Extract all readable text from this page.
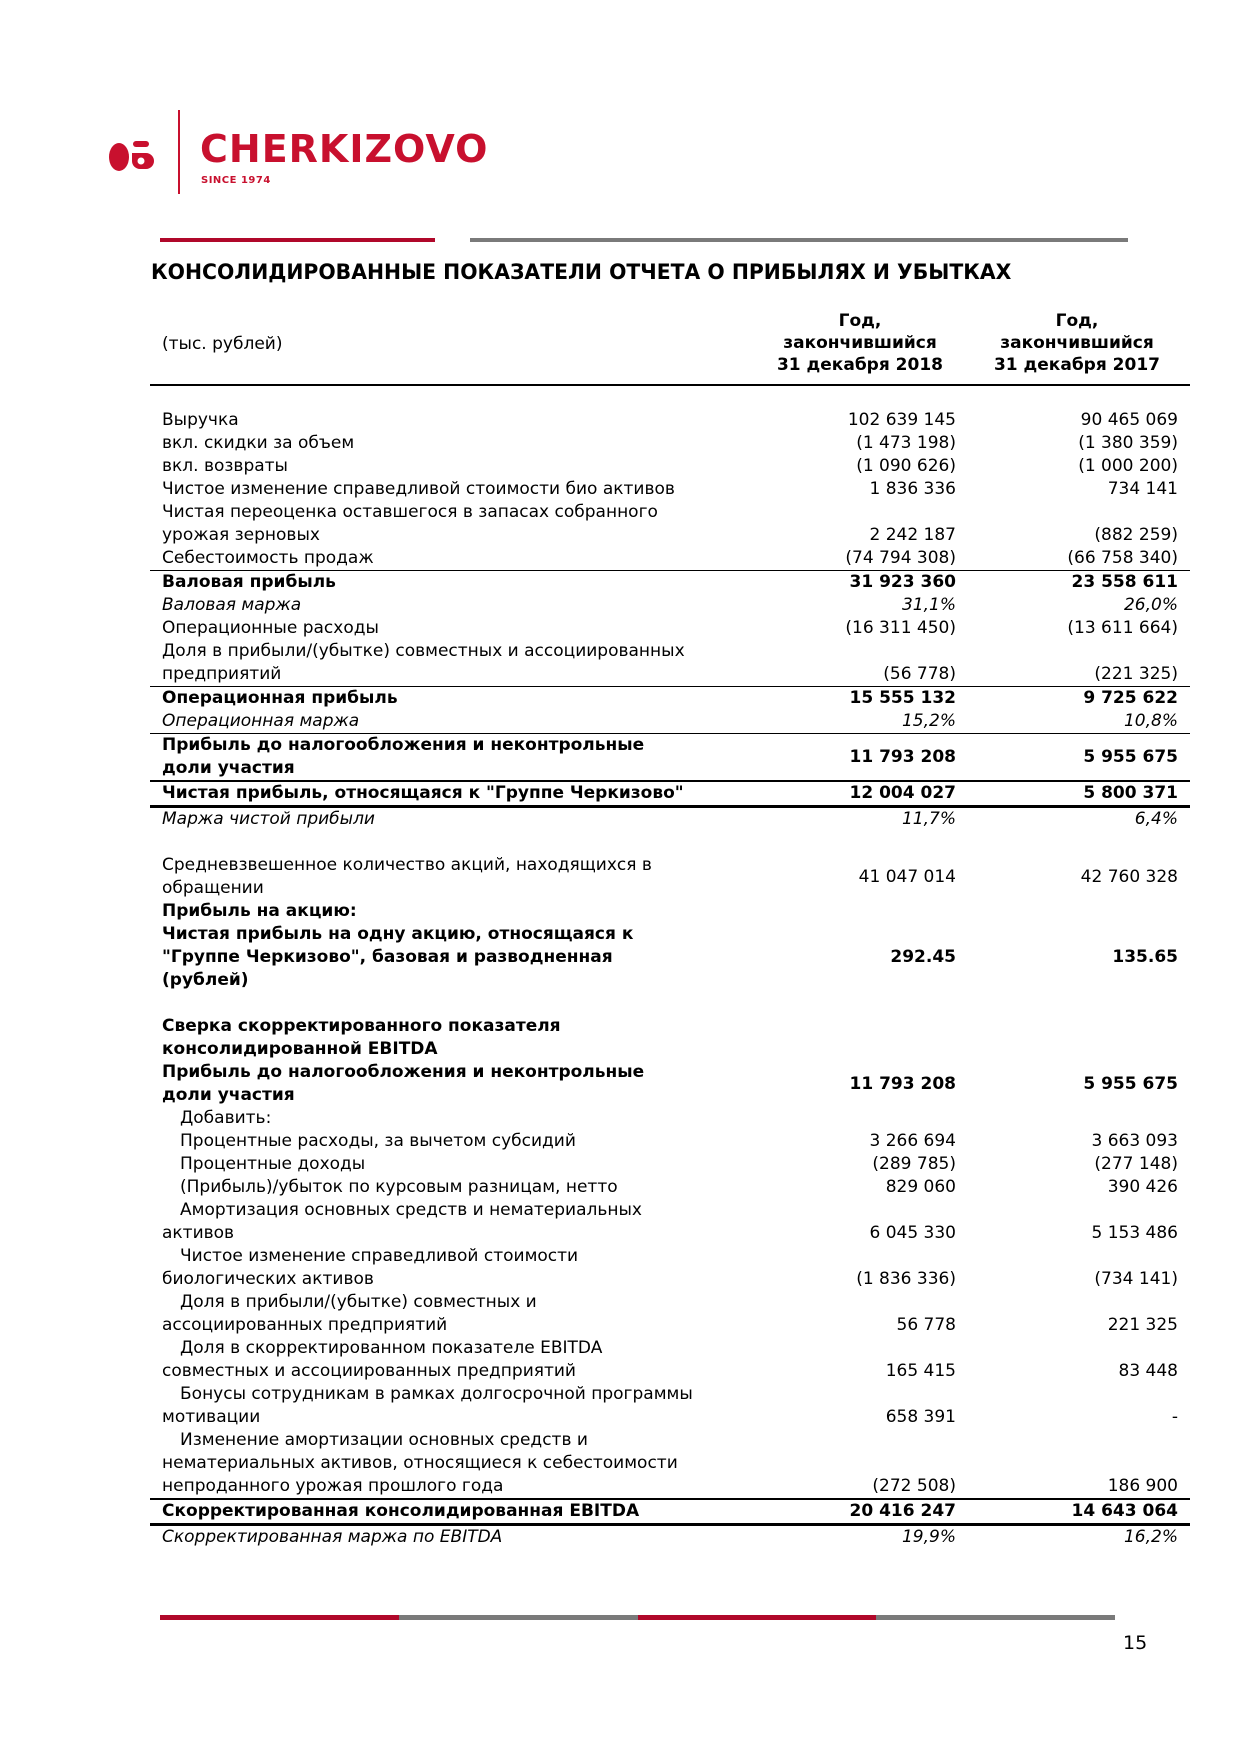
CHERKIZOVO
SINCE 1974
КОНСОЛИДИРОВАННЫЕ ПОКАЗАТЕЛИ ОТЧЕТА О ПРИБЫЛЯХ И УБЫТКАХ
(тыс. рублей)
Год,
закончившийся
31 декабря 2018
Год,
закончившийся
31 декабря 2017
Выручка	102 639 145	90 465 069
вкл. скидки за объем	(1 473 198)	(1 380 359)
вкл. возвраты	(1 090 626)	(1 000 200)
Чистое изменение справедливой стоимости био активов	1 836 336	734 141
Чистая переоценка оставшегося в запасах собранного
урожая зерновых	2 242 187	(882 259)
Себестоимость продаж	(74 794 308)	(66 758 340)
Валовая прибыль	31 923 360	23 558 611
Валовая маржа	31,1%	26,0%
Операционные расходы	(16 311 450)	(13 611 664)
Доля в прибыли/(убытке) совместных и ассоциированных
предприятий	(56 778)	(221 325)
Операционная прибыль	15 555 132	9 725 622
Операционная маржа	15,2%	10,8%
Прибыль до налогообложения и неконтрольные
доли участия
11 793 208	5 955 675
Чистая прибыль, относящаяся к "Группе Черкизово"	12 004 027	5 800 371
Маржа чистой прибыли	11,7%	6,4%
Средневзвешенное количество акций, находящихся в
обращении
41 047 014	42 760 328
Прибыль на акцию:
Чистая прибыль на одну акцию, относящаяся к
"Группе Черкизово", базовая и разводненная
(рублей)
292.45	135.65
Сверка скорректированного показателя
консолидированной EBITDA
Прибыль до налогообложения и неконтрольные
доли участия
11 793 208	5 955 675
Добавить:
Процентные расходы, за вычетом субсидий	3 266 694	3 663 093
Процентные доходы	(289 785)	(277 148)
(Прибыль)/убыток по курсовым разницам, нетто	829 060	390 426
Амортизация основных средств и нематериальных
активов	6 045 330	5 153 486
Чистое изменение справедливой стоимости
биологических активов	(1 836 336)	(734 141)
Доля в прибыли/(убытке) совместных и
ассоциированных предприятий	56 778	221 325
Доля в скорректированном показателе EBITDA
совместных и ассоциированных предприятий	165 415	83 448
Бонусы сотрудникам в рамках долгосрочной программы
мотивации	658 391	-
Изменение амортизации основных средств и
нематериальных активов, относящиеся к себестоимости
непроданного урожая прошлого года	(272 508)	186 900
Скорректированная консолидированная EBITDA	20 416 247	14 643 064
Скорректированная маржа по EBITDA	19,9%	16,2%
15
